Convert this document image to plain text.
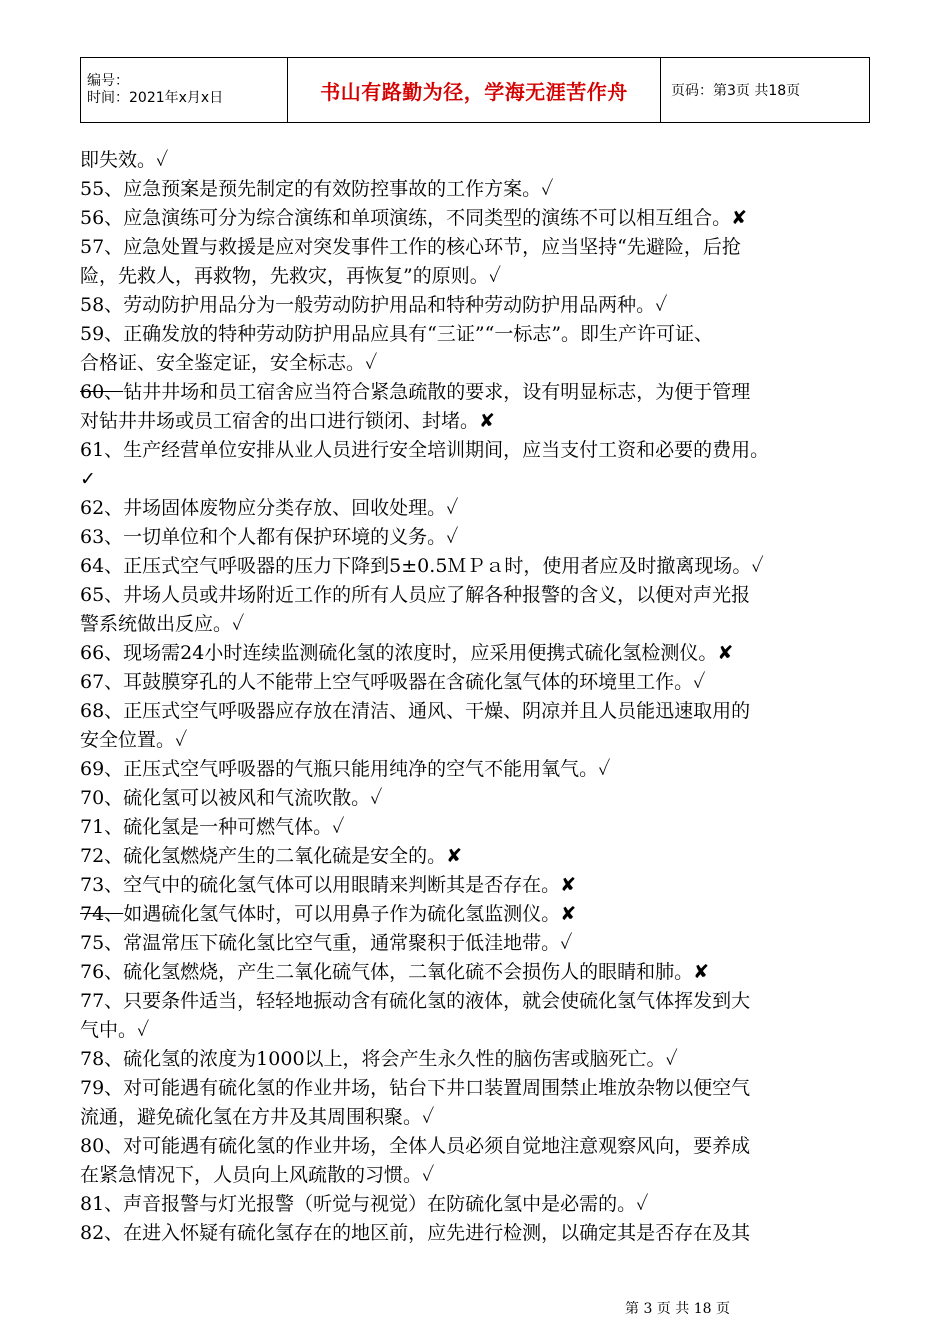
编号：
时间：2021年x月x日	书山有路勤为径，学海无涯苦作舟	页码：第3页 共18页
即失效。✓
55、应急预案是预先制定的有效防控事故的工作方案。✓
56、应急演练可分为综合演练和单项演练，不同类型的演练不可以相互组合。✘
57、应急处置与救援是应对突发事件工作的核心环节，应当坚持“先避险，后抢
险，先救人，再救物，先救灾，再恢复”的原则。✓
58、劳动防护用品分为一般劳动防护用品和特种劳动防护用品两种。✓
59、正确发放的特种劳动防护用品应具有“三证”“一标志”。即生产许可证、
合格证、安全鉴定证，安全标志。✓
60、钻井井场和员工宿舍应当符合紧急疏散的要求，设有明显标志，为便于管理
对钻井井场或员工宿舍的出口进行锁闭、封堵。✘
61、生产经营单位安排从业人员进行安全培训期间，应当支付工资和必要的费用。
✓
62、井场固体废物应分类存放、回收处理。✓
63、一切单位和个人都有保护环境的义务。✓
64、正压式空气呼吸器的压力下降到5±0.5ＭＰａ时，使用者应及时撤离现场。✓
65、井场人员或井场附近工作的所有人员应了解各种报警的含义，以便对声光报
警系统做出反应。✓
66、现场需24小时连续监测硫化氢的浓度时，应采用便携式硫化氢检测仪。✘
67、耳鼓膜穿孔的人不能带上空气呼吸器在含硫化氢气体的环境里工作。✓
68、正压式空气呼吸器应存放在清洁、通风、干燥、阴凉并且人员能迅速取用的
安全位置。✓
69、正压式空气呼吸器的气瓶只能用纯净的空气不能用氧气。✓
70、硫化氢可以被风和气流吹散。✓
71、硫化氢是一种可燃气体。✓
72、硫化氢燃烧产生的二氧化硫是安全的。✘
73、空气中的硫化氢气体可以用眼睛来判断其是否存在。✘
74、如遇硫化氢气体时，可以用鼻子作为硫化氢监测仪。✘
75、常温常压下硫化氢比空气重，通常聚积于低洼地带。✓
76、硫化氢燃烧，产生二氧化硫气体，二氧化硫不会损伤人的眼睛和肺。✘
77、只要条件适当，轻轻地振动含有硫化氢的液体，就会使硫化氢气体挥发到大
气中。✓
78、硫化氢的浓度为1000以上，将会产生永久性的脑伤害或脑死亡。✓
79、对可能遇有硫化氢的作业井场，钻台下井口装置周围禁止堆放杂物以便空气
流通，避免硫化氢在方井及其周围积聚。✓
80、对可能遇有硫化氢的作业井场，全体人员必须自觉地注意观察风向，要养成
在紧急情况下，人员向上风疏散的习惯。✓
81、声音报警与灯光报警（听觉与视觉）在防硫化氢中是必需的。✓
82、在进入怀疑有硫化氢存在的地区前，应先进行检测，以确定其是否存在及其
第 3 页 共 18 页
